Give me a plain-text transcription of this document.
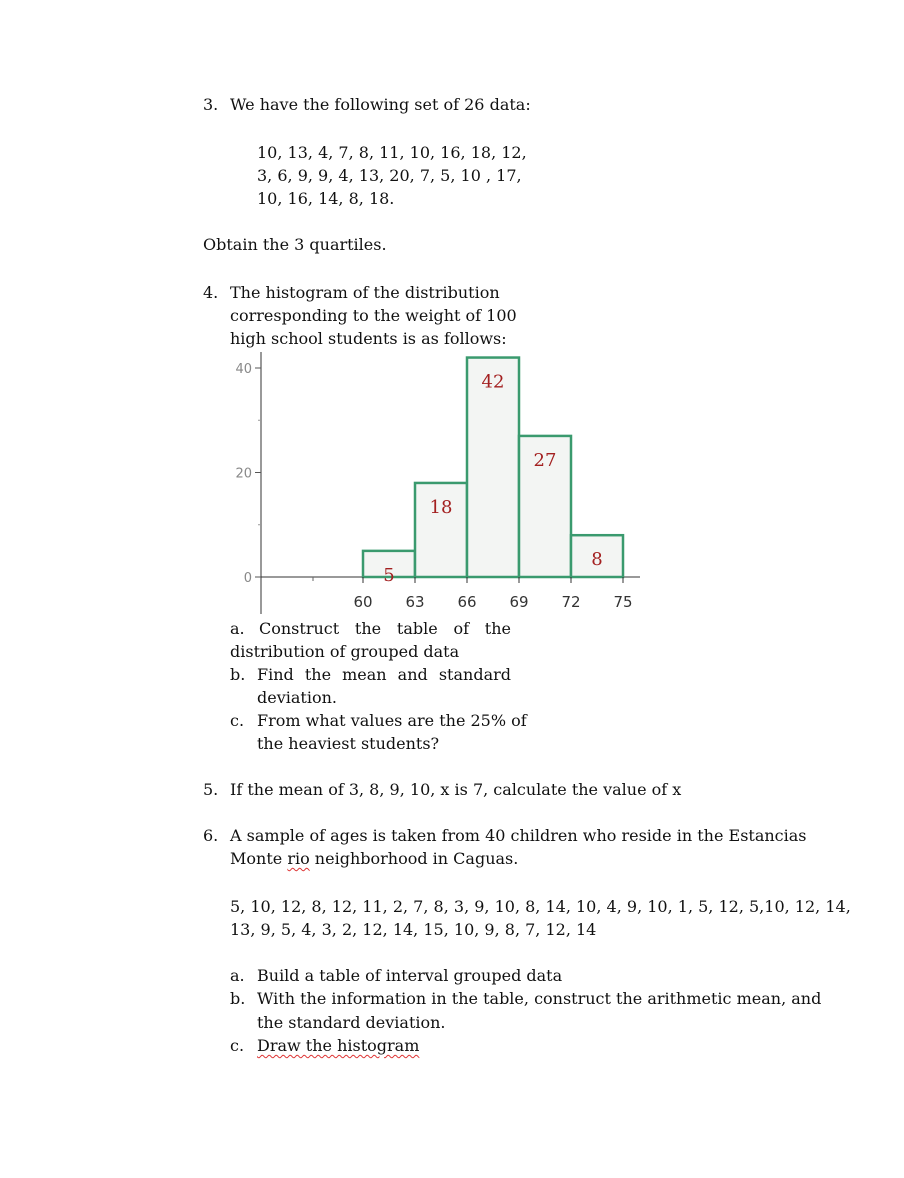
3. We have the following set of 26 data:
10, 13, 4, 7, 8, 11, 10, 16, 18, 12,
3, 6, 9, 9, 4, 13, 20, 7, 5, 10 , 17,
10, 16, 14, 8, 18.
Obtain the 3 quartiles.
4. The histogram of the distribution
corresponding to the weight of 100
high school students is as follows:
0
20
40
5
18
42
27
8
60 63 66 69 72 75
a. Construct the table of the
distribution of grouped data
b. Find the mean and standard
deviation.
c. From what values are the 25% of
the heaviest students?
5. If the mean of 3, 8, 9, 10, x is 7, calculate the value of x
6. A sample of ages is taken from 40 children who reside in the Estancias
Monte rio neighborhood in Caguas.
5, 10, 12, 8, 12, 11, 2, 7, 8, 3, 9, 10, 8, 14, 10, 4, 9, 10, 1, 5, 12, 5,10, 12, 14,
13, 9, 5, 4, 3, 2, 12, 14, 15, 10, 9, 8, 7, 12, 14
a. Build a table of interval grouped data
b. With the information in the table, construct the arithmetic mean, and
the standard deviation.
c. Draw the histogram
